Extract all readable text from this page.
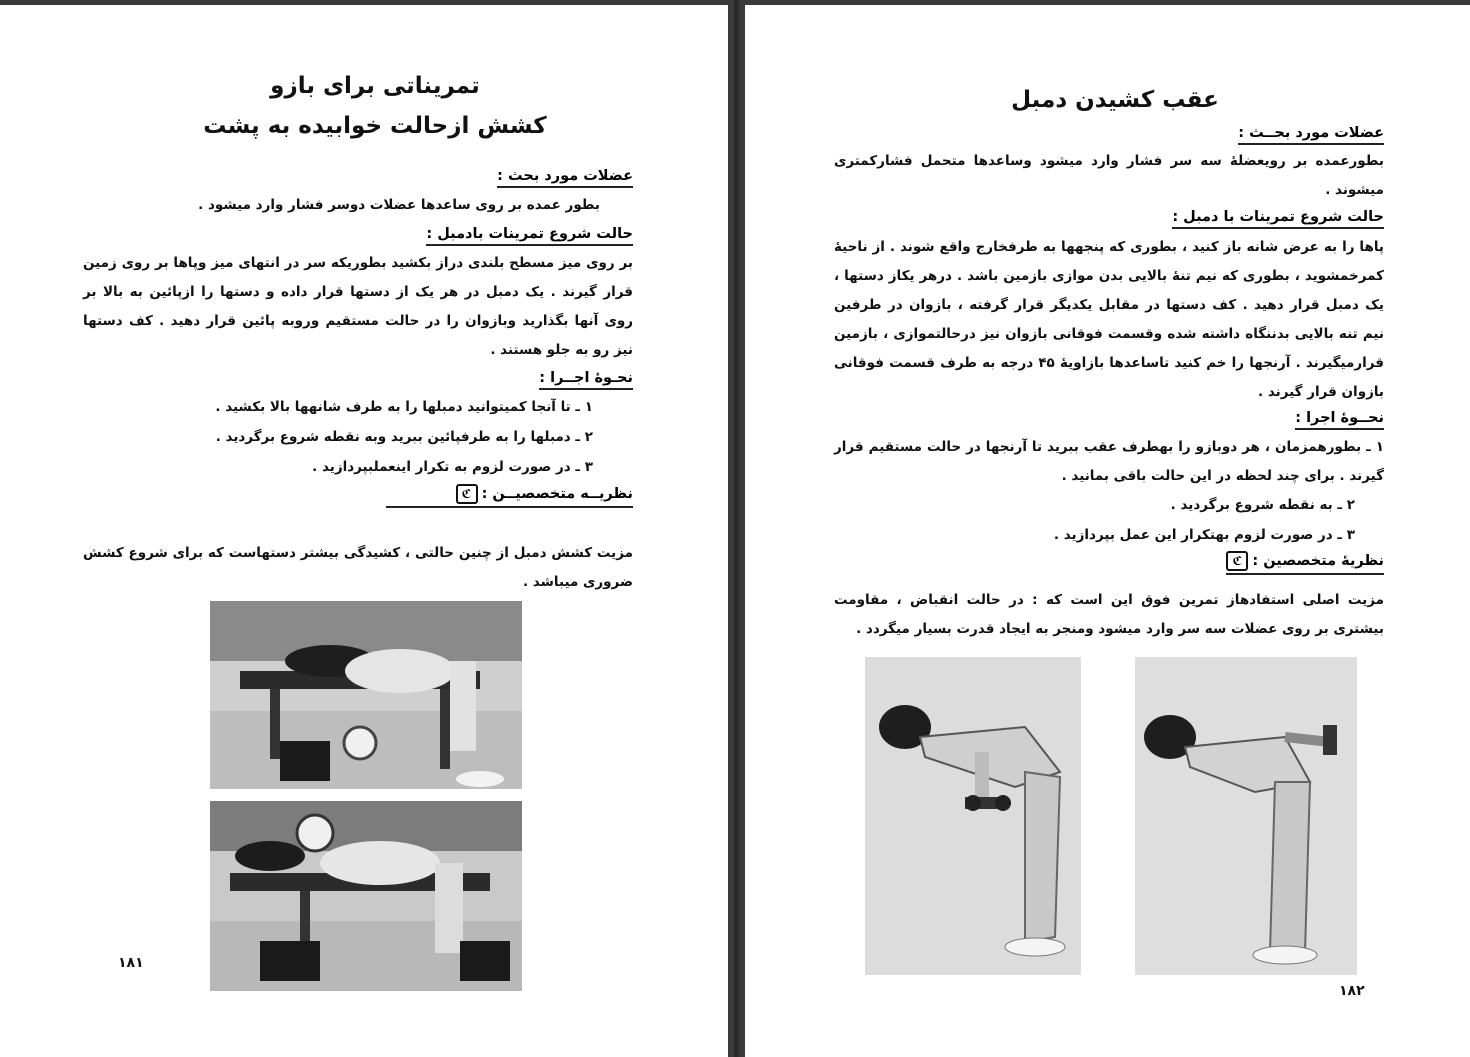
تمریناتی برای بازو
کشش ازحالت خوابیده به پشت
عضلات مورد بحث :
بطور عمده بر روی ساعدها عضلات دوسر فشار وارد میشود .
حالت شروع تمرینات بادمبل :
بر روی میز مسطح بلندی دراز بکشید بطوریکه سر در انتهای میز وپاها بر روی زمین قرار گیرند . یک دمبل در هر یک از دستها قرار داده و دستها را ازپائین به بالا بر روی آنها بگذارید وبازوان را در حالت مستقیم وروبه پائین قرار دهید . کف دستها نیز رو به جلو هستند .
نحـوهٔ اجــرا :
۱ ـ تا آنجا کمیتوانید دمبلها را به طرف شانهها بالا بکشید .
۲ ـ دمبلها را به طرفپائین ببرید وبه نقطه شروع برگردید .
۳ ـ در صورت لزوم به تکرار اینعملبپردازید .
نظریــه متخصصیــن :ℭ
مزیت کشش دمبل از چنین حالتی ، کشیدگی بیشتر دستهاست که برای شروع کشش ضروری میباشد .
۱۸۱
عقب کشیدن دمبل
عضلات مورد بحــث :
بطورعمده بر رویعضلهٔ سه سر فشار وارد میشود وساعدها متحمل فشارکمتری میشوند .
حالت شروع تمرینات با دمبل :
پاها را به عرض شانه باز کنید ، بطوری که پنجهها به طرفخارج واقع شوند . از ناحیهٔ کمرخمشوید ، بطوری که نیم تنهٔ بالایی بدن موازی بازمین باشد . درهر یکاز دستها ، یک دمبل قرار دهید . کف دستها در مقابل یکدیگر قرار گرفته ، بازوان در طرفین نیم تنه بالایی بدننگاه داشته شده وقسمت فوقانی بازوان نیز درحالتموازی ، بازمین قرارمیگیرند . آرنجها را خم کنید تاساعدها بازاویهٔ ۴۵ درجه به طرف قسمت فوقانی بازوان قرار گیرند .
نحــوهٔ اجرا :
۱ ـ بطورهمزمان ، هر دوبازو را بهطرف عقب ببرید تا آرنجها در حالت مستقیم قرار گیرند . برای چند لحظه در این حالت باقی بمانید .
۲ ـ به نقطه شروع برگردید .
۳ ـ در صورت لزوم بهتکرار این عمل بپردازید .
نظریهٔ متخصصین :ℭ
مزیت اصلی استفادهاز تمرین فوق این است که : در حالت انقباض ، مقاومت بیشتری بر روی عضلات سه سر وارد میشود ومنجر به ایجاد قدرت بسیار میگردد .
۱۸۲
